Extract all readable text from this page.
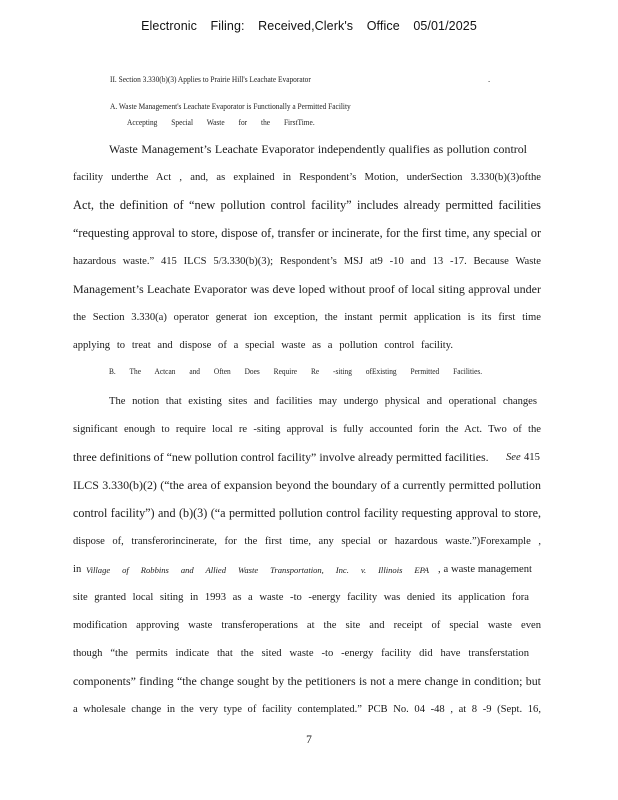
Electronic Filing: Received,Clerk's Office 05/01/2025
II. Section 3.330(b)(3) Applies to Prairie Hill's Leachate Evaporator	.
A. Waste Management's Leachate Evaporator is Functionally a Permitted Facility
Accepting Special Waste for the FirstTime.
Waste Management’s Leachate Evaporator independently qualifies as pollution control
facility underthe Act , and, as explained in Respondent’s Motion, underSection 3.330(b)(3)ofthe
Act, the definition of “new pollution control facility” includes already permitted facilities
“requesting approval to store, dispose of, transfer or incinerate, for the first time, any special or
hazardous waste.” 415 ILCS 5/3.330(b)(3); Respondent’s MSJ at9 -10 and 13 -17. Because Waste
Management’s Leachate Evaporator was deve loped without proof of local siting approval under
the Section 3.330(a) operator generat ion exception, the instant permit application is its first time
applying to treat and dispose of a special waste as a pollution control facility.
B. The Actcan and Often Does Require Re -siting ofExisting Permitted Facilities.
The notion that existing sites and facilities may undergo physical and operational changes
significant enough to require local re -siting approval is fully accounted forin the Act. Two of the
three definitions of “new pollution control facility” involve already permitted facilities.	See 415
ILCS 3.330(b)(2) (“the area of expansion beyond the boundary of a currently permitted pollution
control facility”) and (b)(3) (“a permitted pollution control facility requesting approval to store,
dispose of, transferorincinerate, for the first time, any special or hazardous waste.”)Forexample ,
in Village of Robbins and Allied Waste Transportation, Inc. v. Illinois EPA , a waste management
site granted local siting in 1993 as a waste -to -energy facility was denied its application fora
modification approving waste transferoperations at the site and receipt of special waste even
though “the permits indicate that the sited waste -to -energy facility did have transferstation
components” finding “the change sought by the petitioners is not a mere change in condition; but
a wholesale change in the very type of facility contemplated.” PCB No. 04 -48 , at 8 -9 (Sept. 16,
7
